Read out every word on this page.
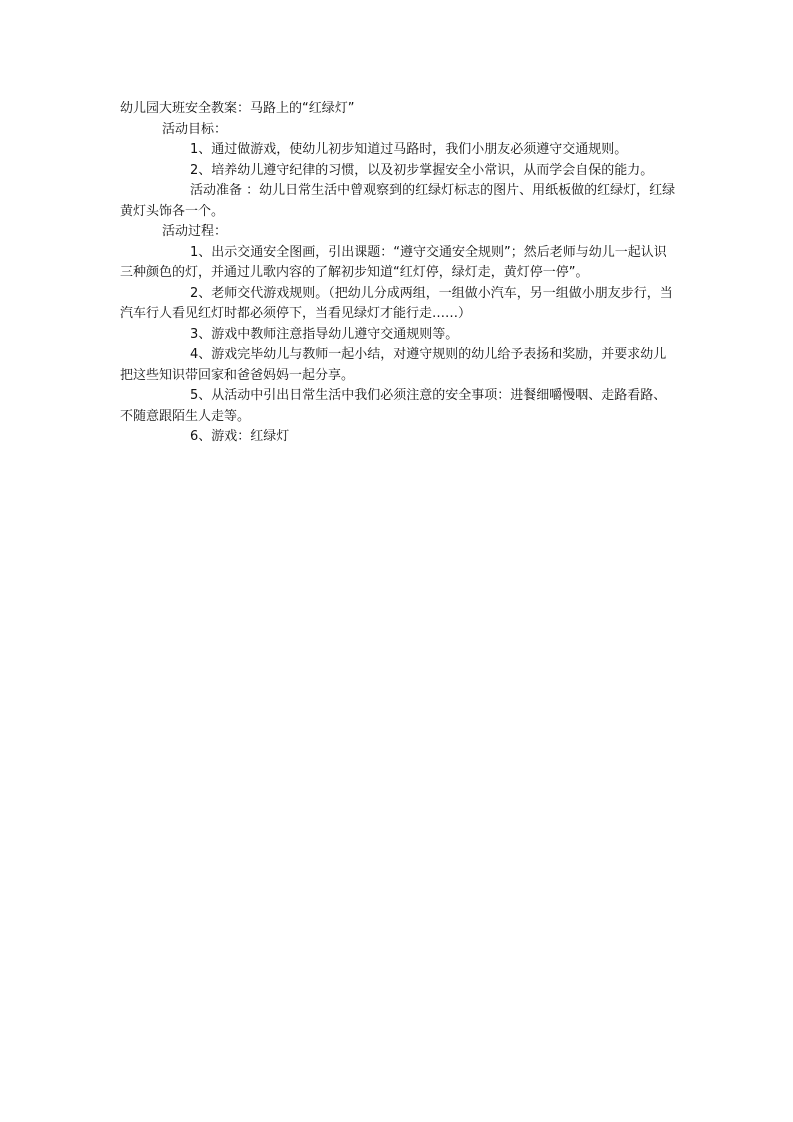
幼儿园大班安全教案：马路上的“红绿灯”

活动目标：

1、通过做游戏，使幼儿初步知道过马路时，我们小朋友必须遵守交通规则。

2、培养幼儿遵守纪律的习惯，以及初步掌握安全小常识，从而学会自保的能力。

活动准备 ：幼儿日常生活中曾观察到的红绿灯标志的图片、用纸板做的红绿灯，红绿黄灯头饰各一个。

活动过程：

1、出示交通安全图画，引出课题：“遵守交通安全规则”；然后老师与幼儿一起认识三种颜色的灯，并通过儿歌内容的了解初步知道“红灯停，绿灯走，黄灯停一停”。

2、老师交代游戏规则。（把幼儿分成两组，一组做小汽车，另一组做小朋友步行，当汽车行人看见红灯时都必须停下，当看见绿灯才能行走……）

3、游戏中教师注意指导幼儿遵守交通规则等。

4、游戏完毕幼儿与教师一起小结，对遵守规则的幼儿给予表扬和奖励，并要求幼儿把这些知识带回家和爸爸妈妈一起分享。

5、从活动中引出日常生活中我们必须注意的安全事项：进餐细嚼慢咽、走路看路、不随意跟陌生人走等。

6、游戏：红绿灯
